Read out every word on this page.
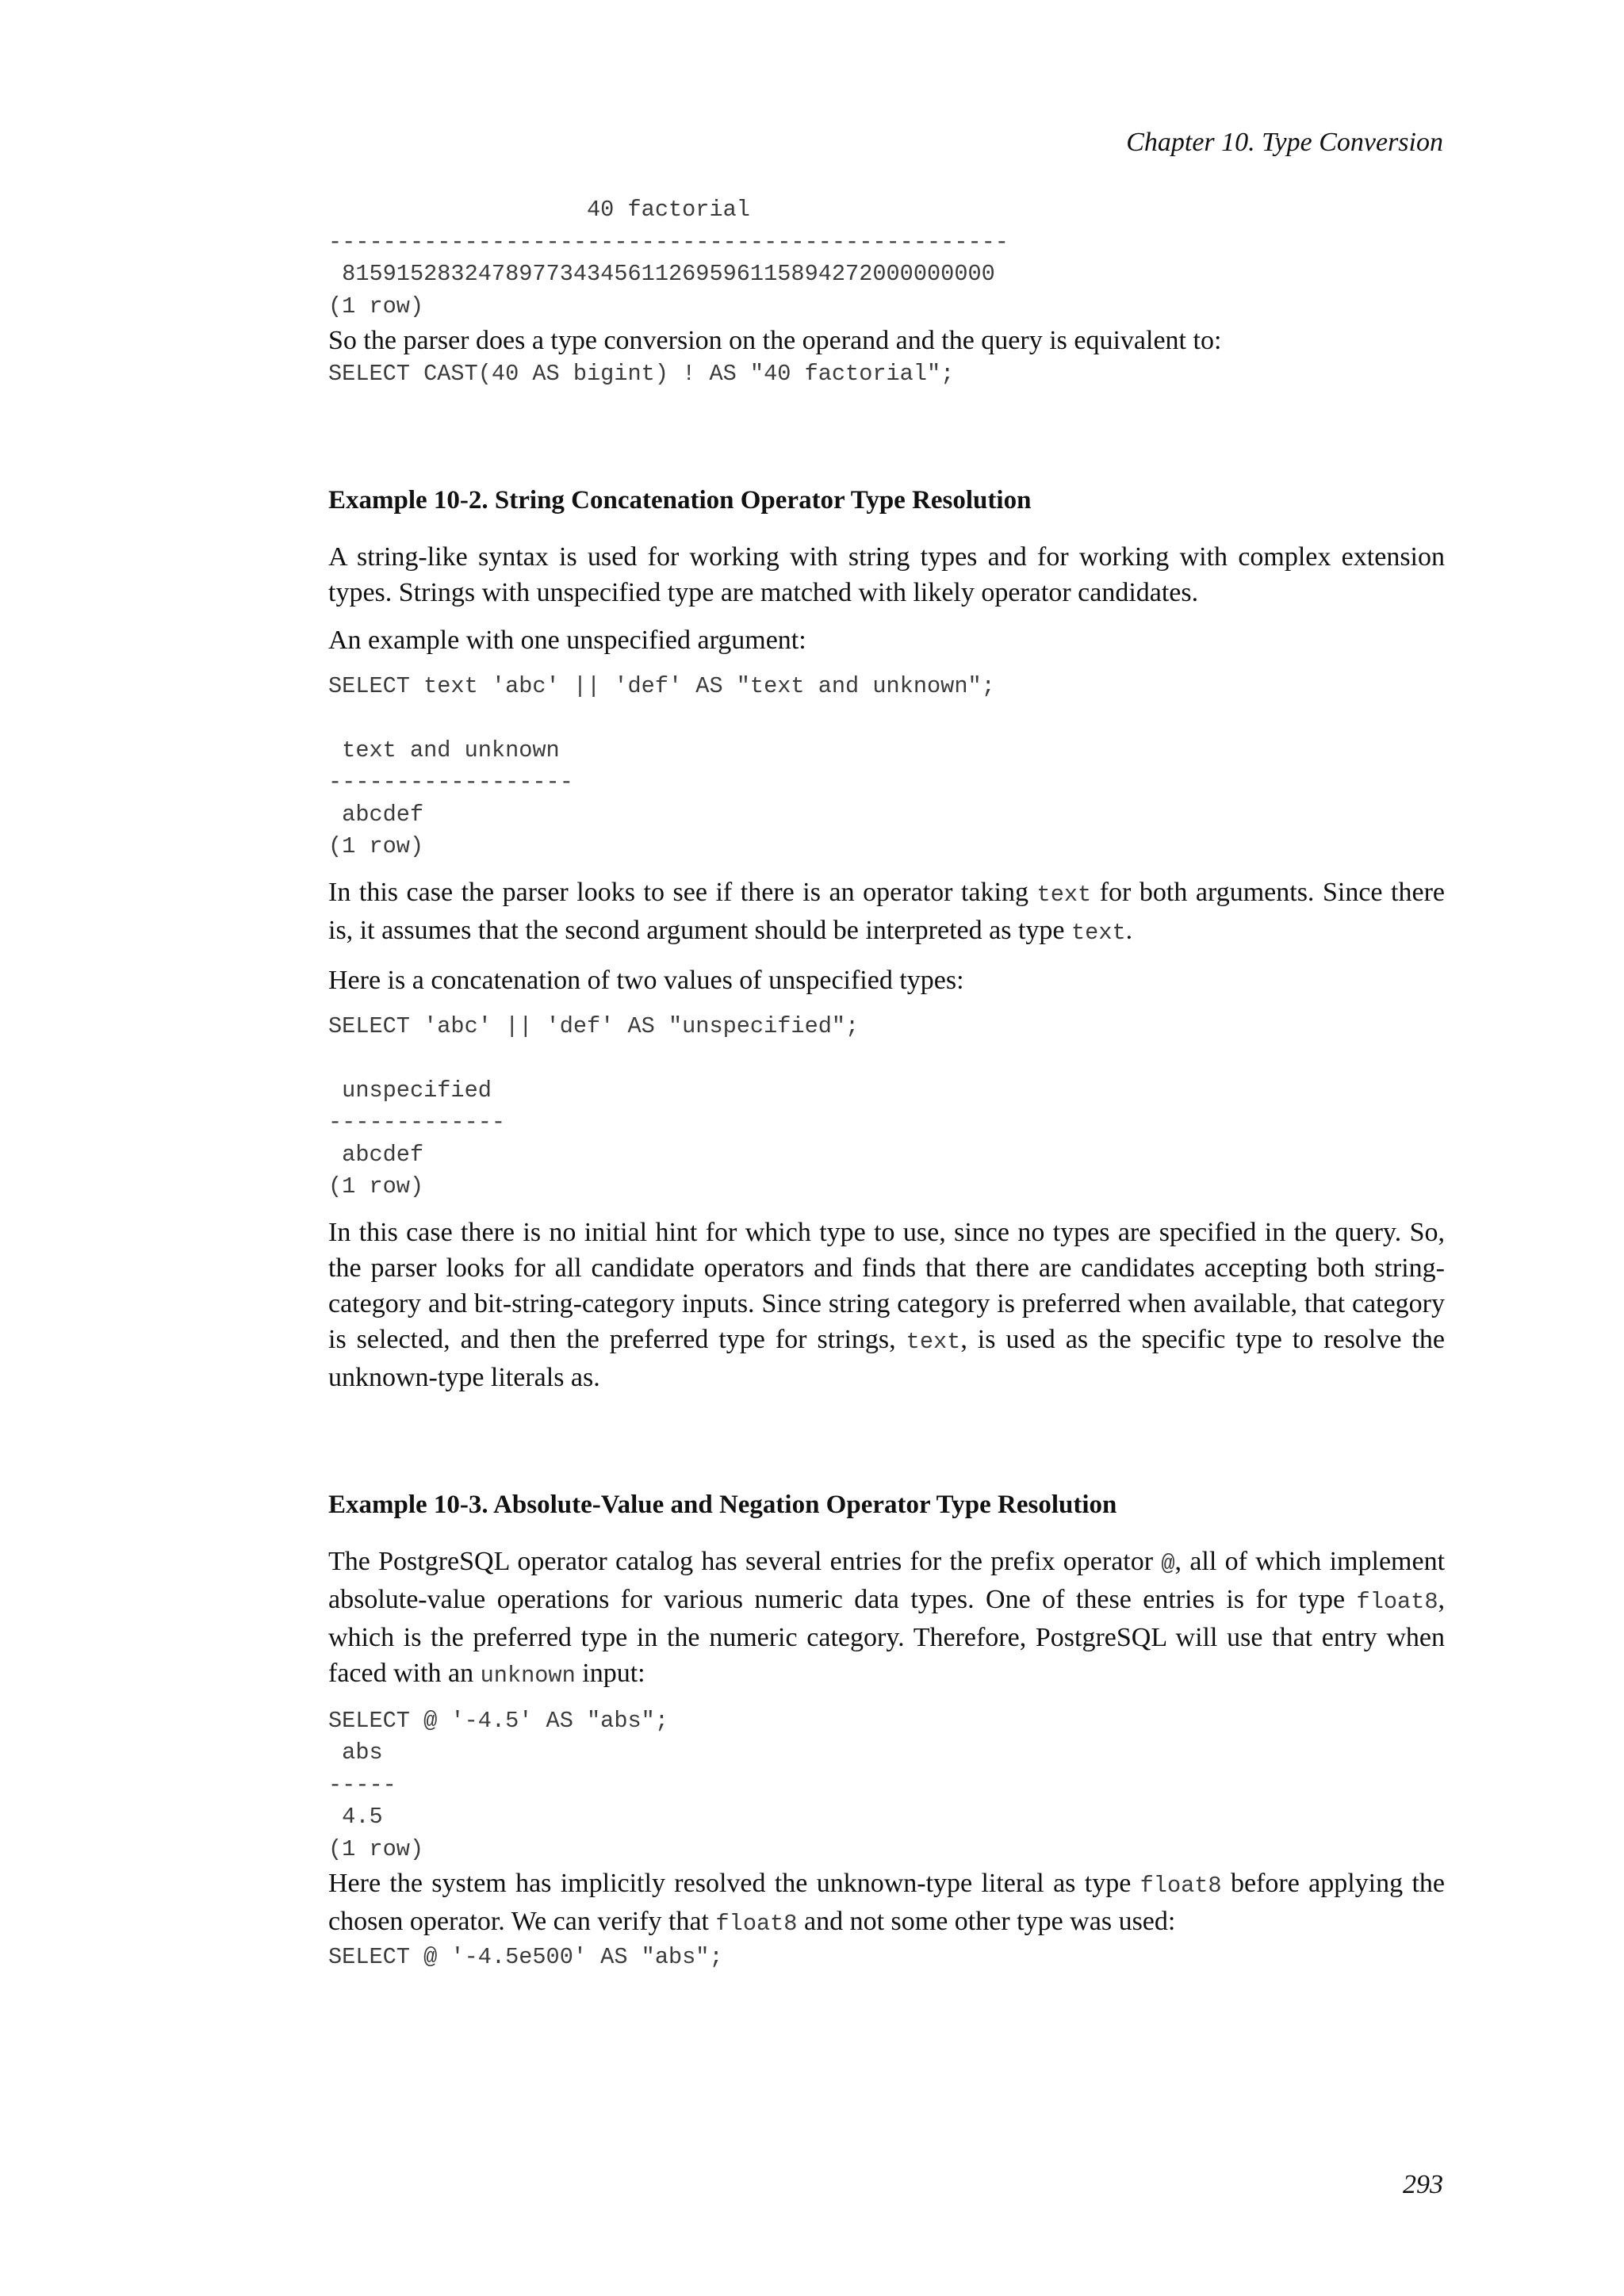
Chapter 10. Type Conversion
40 factorial
--------------------------------------------------
815915283247897734345611269596115894272000000000
(1 row)

So the parser does a type conversion on the operand and the query is equivalent to:

SELECT CAST(40 AS bigint) ! AS "40 factorial";
Example 10-2. String Concatenation Operator Type Resolution

A string-like syntax is used for working with string types and for working with complex extension types. Strings with unspecified type are matched with likely operator candidates.

An example with one unspecified argument:

SELECT text 'abc' || 'def' AS "text and unknown";

text and unknown
------------------
abcdef
(1 row)

In this case the parser looks to see if there is an operator taking text for both arguments. Since there is, it assumes that the second argument should be interpreted as type text.

Here is a concatenation of two values of unspecified types:

SELECT 'abc' || 'def' AS "unspecified";

unspecified
-------------
abcdef
(1 row)

In this case there is no initial hint for which type to use, since no types are specified in the query. So, the parser looks for all candidate operators and finds that there are candidates accepting both string-category and bit-string-category inputs. Since string category is preferred when available, that category is selected, and then the preferred type for strings, text, is used as the specific type to resolve the unknown-type literals as.

Example 10-3. Absolute-Value and Negation Operator Type Resolution

The PostgreSQL operator catalog has several entries for the prefix operator @, all of which implement absolute-value operations for various numeric data types. One of these entries is for type float8, which is the preferred type in the numeric category. Therefore, PostgreSQL will use that entry when faced with an unknown input:

SELECT @ '-4.5' AS "abs";
abs
-----
4.5
(1 row)

Here the system has implicitly resolved the unknown-type literal as type float8 before applying the chosen operator. We can verify that float8 and not some other type was used:

SELECT @ '-4.5e500' AS "abs";
293
